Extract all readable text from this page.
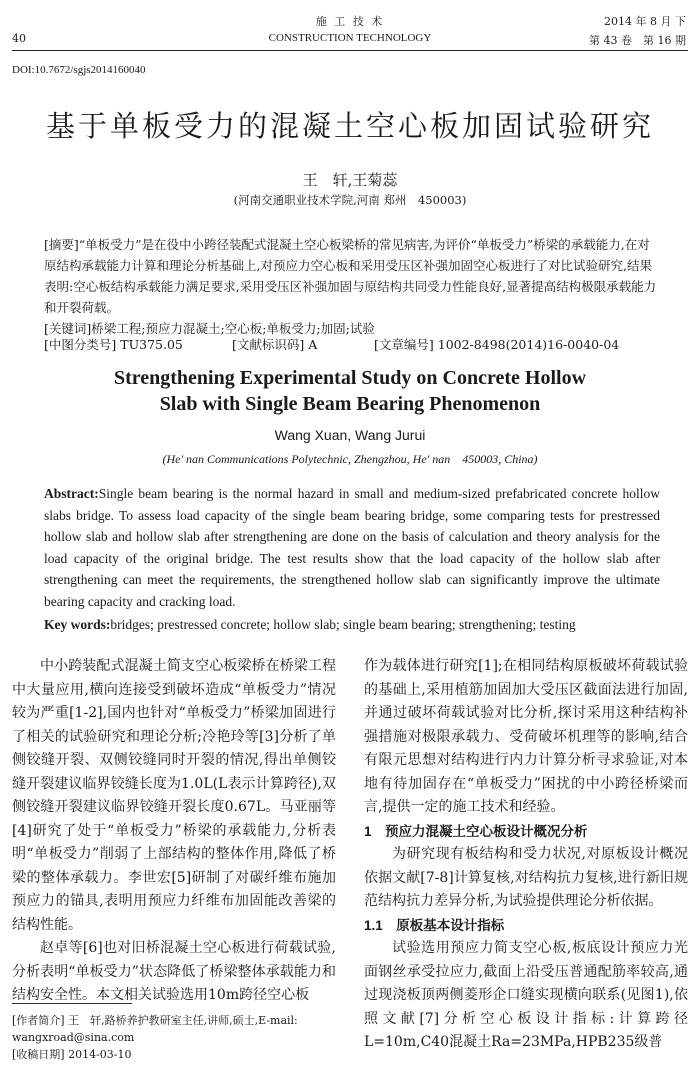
40
施 工 技 术
CONSTRUCTION TECHNOLOGY
2014 年 8 月 下
第 43 卷　第 16 期
DOI:10.7672/sgjs2014160040
基于单板受力的混凝土空心板加固试验研究
王　轩,王菊蕊
(河南交通职业技术学院,河南 郑州　450003)
[摘要]“单板受力”是在役中小跨径装配式混凝土空心板梁桥的常见病害,为评价“单板受力”桥梁的承载能力,在对原结构承载能力计算和理论分析基础上,对预应力空心板和采用受压区补强加固空心板进行了对比试验研究,结果表明:空心板结构承载能力满足要求,采用受压区补强加固与原结构共同受力性能良好,显著提高结构极限承载能力和开裂荷载。
[关键词]桥梁工程;预应力混凝土;空心板;单板受力;加固;试验
[中图分类号] TU375.05	[文献标识码] A	[文章编号] 1002-8498(2014)16-0040-04
Strengthening Experimental Study on Concrete Hollow
Slab with Single Beam Bearing Phenomenon
Wang Xuan, Wang Jurui
(He' nan Communications Polytechnic, Zhengzhou, He' nan　450003, China)
Abstract:Single beam bearing is the normal hazard in small and medium-sized prefabricated concrete hollow slabs bridge. To assess load capacity of the single beam bearing bridge, some comparing tests for prestressed hollow slab and hollow slab after strengthening are done on the basis of calculation and theory analysis for the load capacity of the original bridge. The test results show that the load capacity of the hollow slab after strengthening can meet the requirements, the strengthened hollow slab can significantly improve the ultimate bearing capacity and cracking load.
Key words:bridges; prestressed concrete; hollow slab; single beam bearing; strengthening; testing

中小跨装配式混凝土简支空心板梁桥在桥梁工程中大量应用,横向连接受到破坏造成“单板受力”情况较为严重[1-2],国内也针对“单板受力”桥梁加固进行了相关的试验研究和理论分析;冷艳玲等[3]分析了单侧铰缝开裂、双侧铰缝同时开裂的情况,得出单侧铰缝开裂建议临界铰缝长度为1.0L(L表示计算跨径),双侧铰缝开裂建议临界铰缝开裂长度0.67L。马亚丽等[4]研究了处于“单板受力”桥梁的承载能力,分析表明“单板受力”削弱了上部结构的整体作用,降低了桥梁的整体承载力。李世宏[5]研制了对碳纤维布施加预应力的锚具,表明用预应力纤维布加固能改善梁的结构性能。

赵卓等[6]也对旧桥混凝土空心板进行荷载试验,分析表明“单板受力”状态降低了桥梁整体承载能力和结构安全性。本文相关试验选用10m跨径空心板

[作者简介] 王　轩,路桥养护教研室主任,讲师,硕士,E-mail: wangxroad@sina.com
[收稿日期] 2014-03-10

作为载体进行研究[1];在相同结构原板破坏荷载试验的基础上,采用植筋加固加大受压区截面法进行加固,并通过破坏荷载试验对比分析,探讨采用这种结构补强措施对极限承载力、受荷破坏机理等的影响,结合有限元思想对结构进行内力计算分析寻求验证,对本地有待加固存在“单板受力”困扰的中小跨径桥梁而言,提供一定的施工技术和经验。

1　预应力混凝土空心板设计概况分析

为研究现有板结构和受力状况,对原板设计概况依据文献[7-8]计算复核,对结构抗力复核,进行新旧规范结构抗力差异分析,为试验提供理论分析依据。

1.1　原板基本设计指标

试验选用预应力简支空心板,板底设计预应力光面钢丝承受拉应力,截面上沿受压普通配筋率较高,通过现浇板顶两侧菱形企口缝实现横向联系(见图1),依照文献[7]分析空心板设计指标:计算跨径L=10m,C40混凝土Ra=23MPa,HPB235级普
